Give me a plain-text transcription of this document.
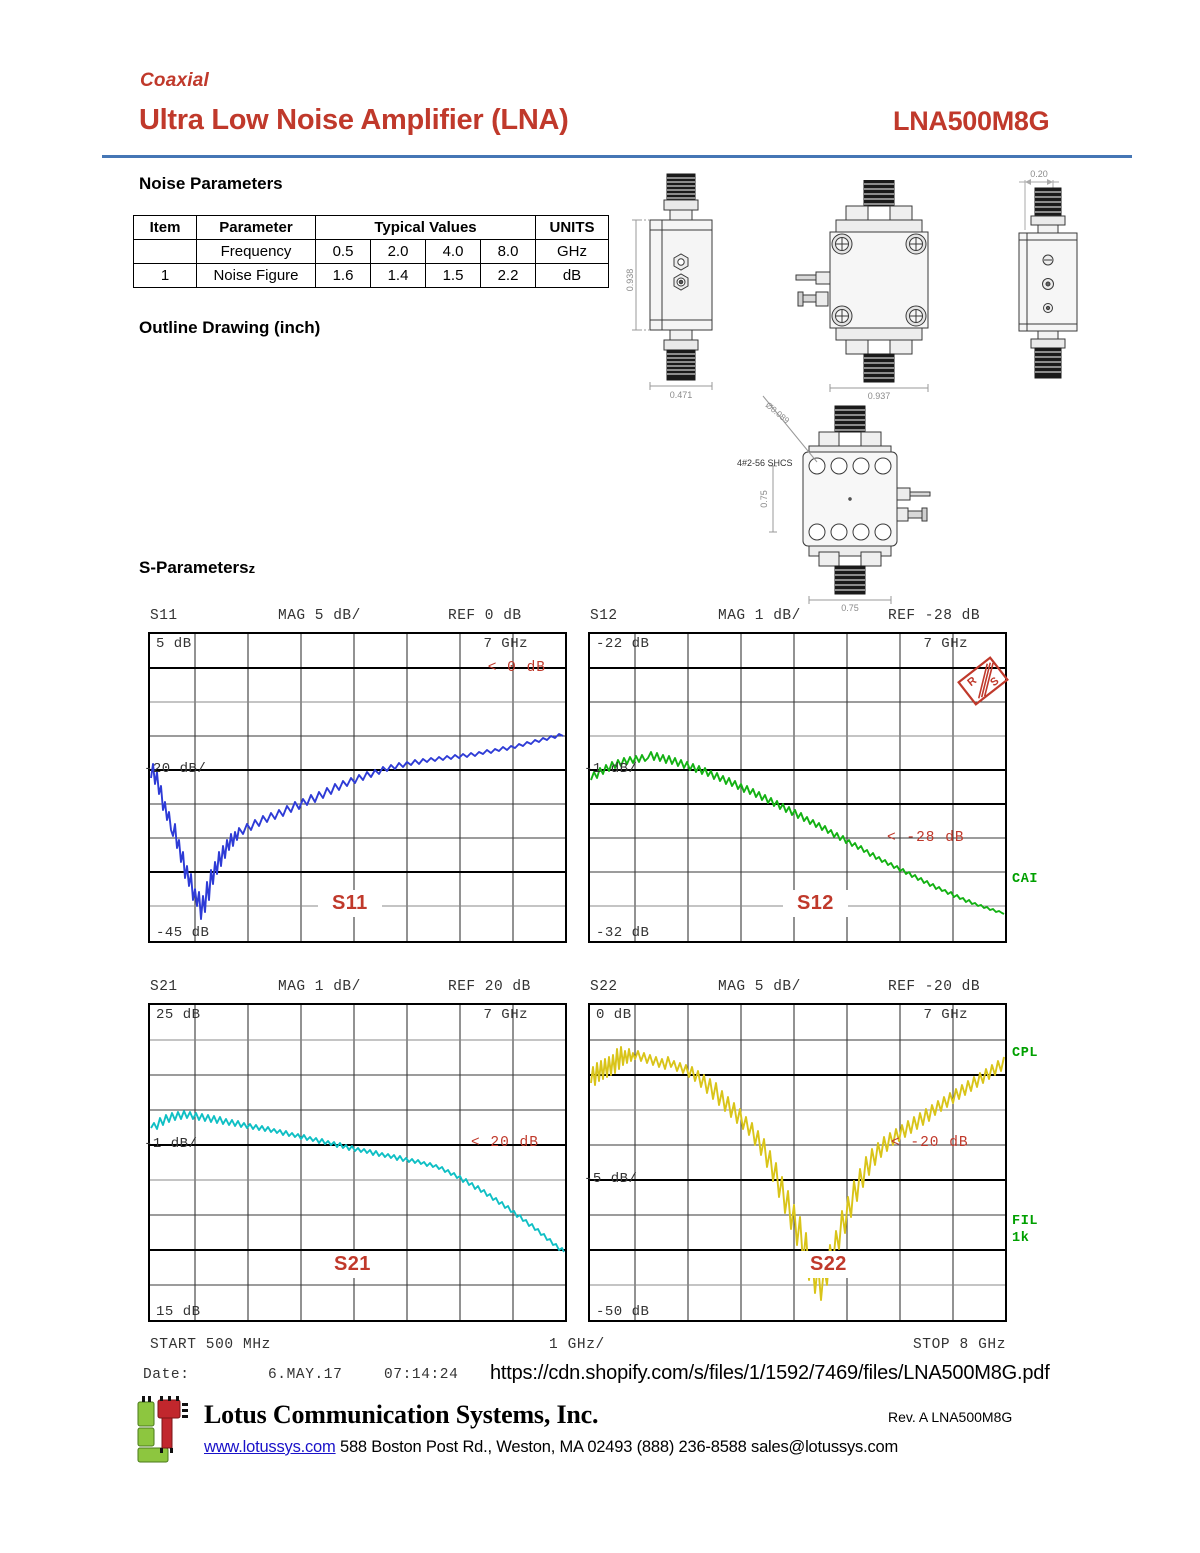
Coaxial
Ultra Low Noise Amplifier (LNA)	LNA500M8G
Noise Parameters
Item	Parameter	Typical Values				UNITS
	Frequency	0.5	2.0	4.0	8.0	GHz
1	Noise Figure	1.6	1.4	1.5	2.2	dB
Outline Drawing (inch)
0.938
0.471	0.937
0.20
Ø0.089
4#2-56 SHCS
0.75
0.75
S-Parametersz
S11	MAG 5 dB/	REF 0 dB
5 dB	7 GHz
-20 dB/
-45 dB
< 0 dB
S11
S12	MAG 1 dB/	REF -28 dB
-22 dB	7 GHz
-1 dB/
-32 dB
< -28 dB
S12
CAI
R S
S21	MAG 1 dB/	REF 20 dB
25 dB	7 GHz
-1 dB/
15 dB
< 20 dB
S21
S22	MAG 5 dB/	REF -20 dB
0 dB	7 GHz
-5 dB/
-50 dB
< -20 dB
S22
CPL
FIL
1k
START 500 MHz	1 GHz/	STOP 8 GHz
Date:	6.MAY.17	07:14:24 https://cdn.shopify.com/s/files/1/1592/7469/files/LNA500M8G.pdf
Lotus Communication Systems, Inc.	Rev. A LNA500M8G
www.lotussys.com 588 Boston Post Rd., Weston, MA 02493 (888) 236-8588 sales@lotussys.com
